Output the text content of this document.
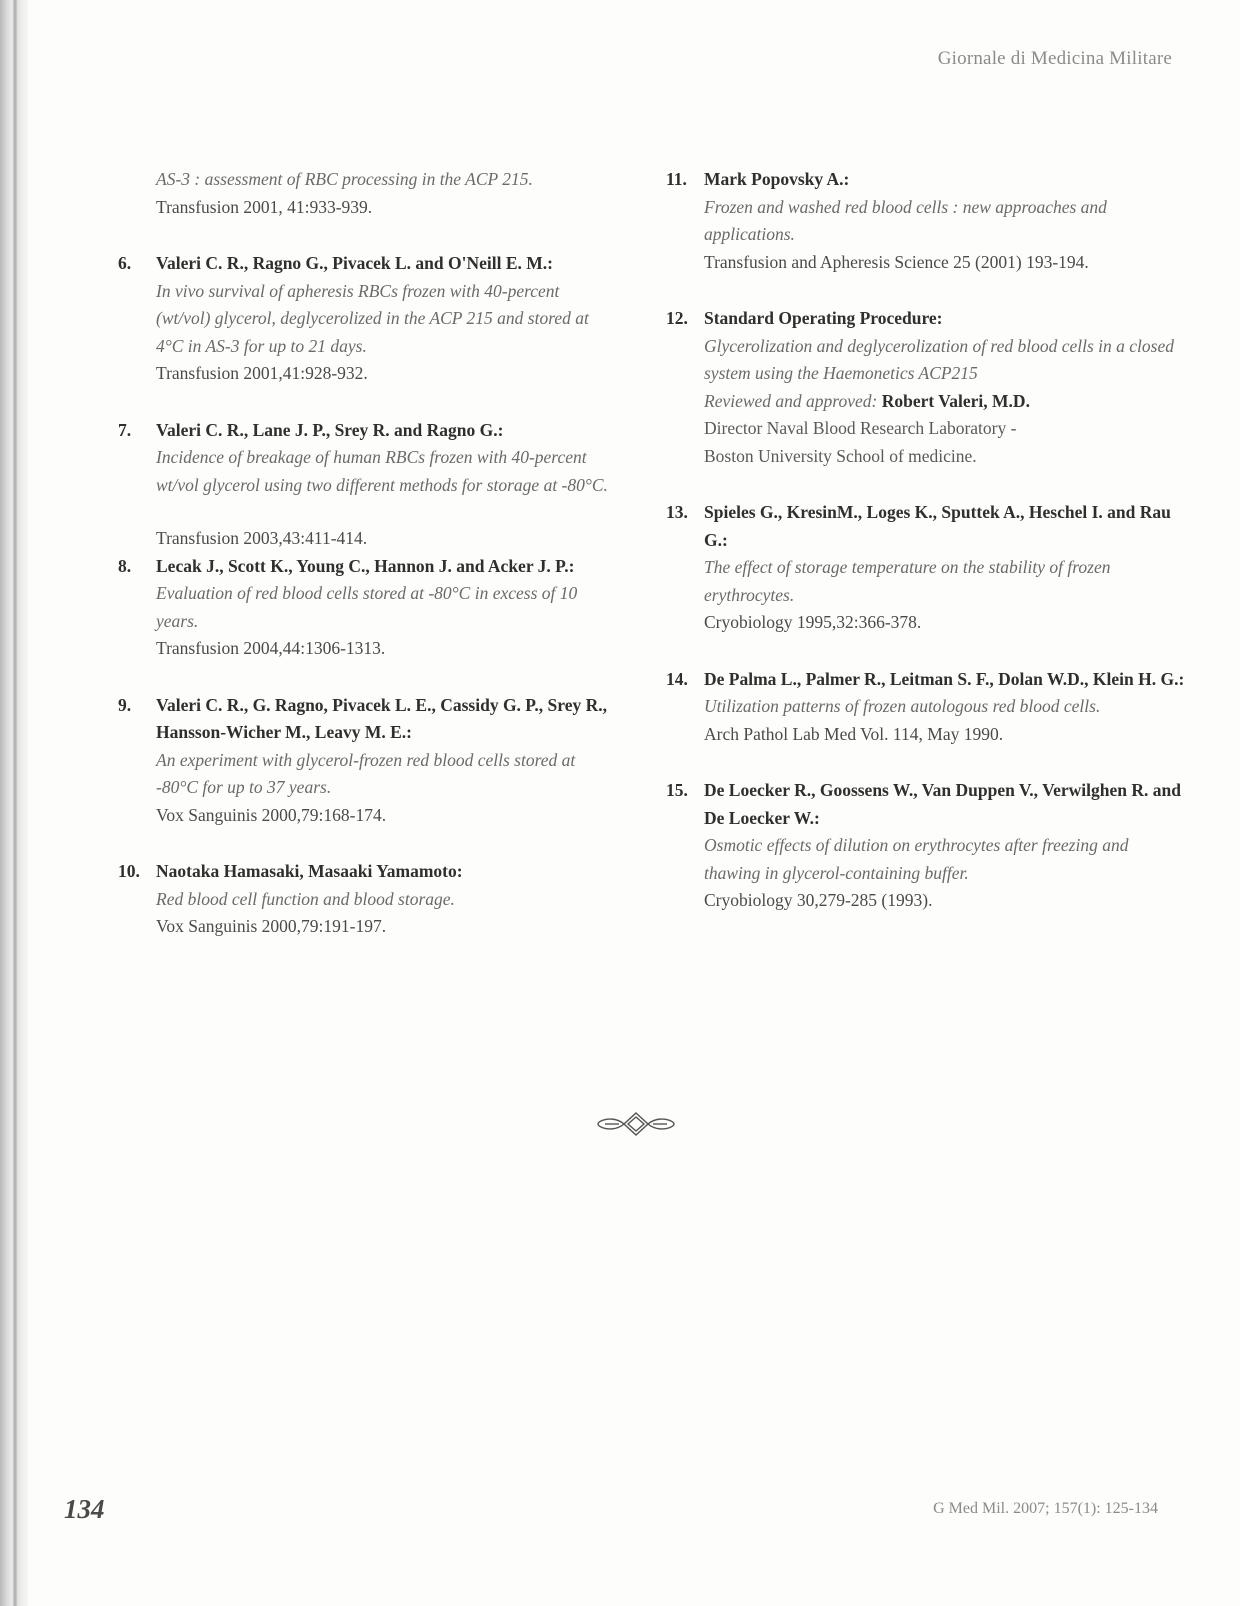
Giornale di Medicina Militare
AS-3 : assessment of RBC processing in the ACP 215.
Transfusion 2001, 41:933-939.
6. Valeri C. R., Ragno G., Pivacek L. and O'Neill E. M.:
In vivo survival of apheresis RBCs frozen with 40-percent (wt/vol) glycerol, deglycerolized in the ACP 215 and stored at 4°C in AS-3 for up to 21 days.
Transfusion 2001,41:928-932.
7. Valeri C. R., Lane J. P., Srey R. and Ragno G.:
Incidence of breakage of human RBCs frozen with 40-percent wt/vol glycerol using two different methods for storage at -80°C.
Transfusion 2003,43:411-414.
8. Lecak J., Scott K., Young C., Hannon J. and Acker J. P.:
Evaluation of red blood cells stored at -80°C in excess of 10 years.
Transfusion 2004,44:1306-1313.
9. Valeri C. R., G. Ragno, Pivacek L. E., Cassidy G. P., Srey R., Hansson-Wicher M., Leavy M. E.:
An experiment with glycerol-frozen red blood cells stored at -80°C for up to 37 years.
Vox Sanguinis 2000,79:168-174.
10. Naotaka Hamasaki, Masaaki Yamamoto:
Red blood cell function and blood storage.
Vox Sanguinis 2000,79:191-197.
11. Mark Popovsky A.:
Frozen and washed red blood cells : new approaches and applications.
Transfusion and Apheresis Science 25 (2001) 193-194.
12. Standard Operating Procedure:
Glycerolization and deglycerolization of red blood cells in a closed system using the Haemonetics ACP215
Reviewed and approved: Robert Valeri, M.D.
Director Naval Blood Research Laboratory -
Boston University School of medicine.
13. Spieles G., KresinM., Loges K., Sputtek A., Heschel I. and Rau G.:
The effect of storage temperature on the stability of frozen erythrocytes.
Cryobiology 1995,32:366-378.
14. De Palma L., Palmer R., Leitman S. F., Dolan W.D., Klein H. G.:
Utilization patterns of frozen autologous red blood cells.
Arch Pathol Lab Med Vol. 114, May 1990.
15. De Loecker R., Goossens W., Van Duppen V., Verwilghen R. and De Loecker W.:
Osmotic effects of dilution on erythrocytes after freezing and thawing in glycerol-containing buffer.
Cryobiology 30,279-285 (1993).
134	G Med Mil. 2007; 157(1): 125-134
